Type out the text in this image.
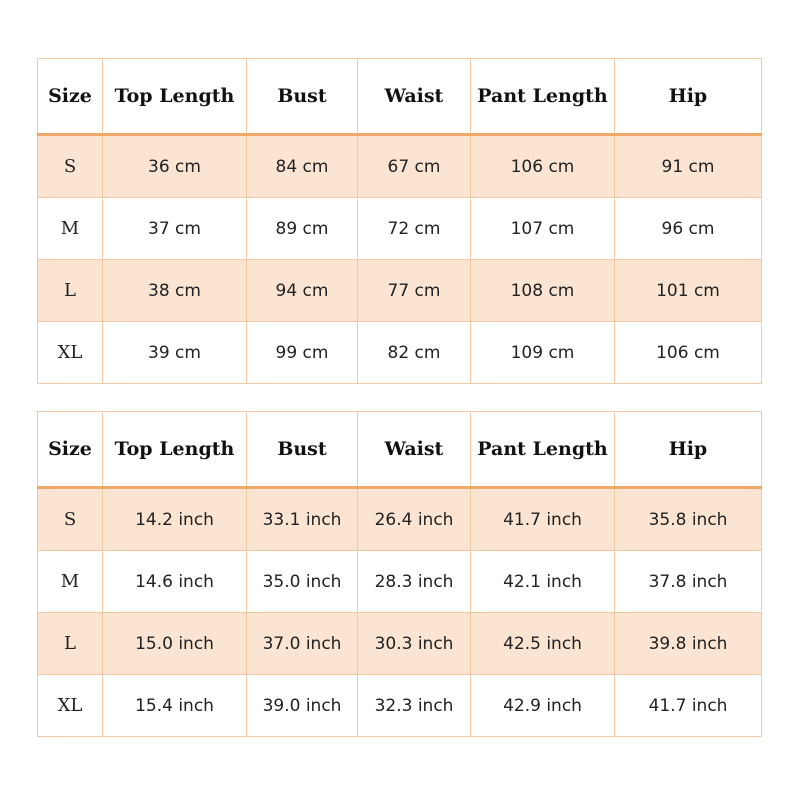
Size	Top Length	Bust	Waist	Pant Length	Hip
S	36 cm	84 cm	67 cm	106 cm	91 cm
M	37 cm	89 cm	72 cm	107 cm	96 cm
L	38 cm	94 cm	77 cm	108 cm	101 cm
XL	39 cm	99 cm	82 cm	109 cm	106 cm
Size	Top Length	Bust	Waist	Pant Length	Hip
S	14.2 inch	33.1 inch	26.4 inch	41.7 inch	35.8 inch
M	14.6 inch	35.0 inch	28.3 inch	42.1 inch	37.8 inch
L	15.0 inch	37.0 inch	30.3 inch	42.5 inch	39.8 inch
XL	15.4 inch	39.0 inch	32.3 inch	42.9 inch	41.7 inch
